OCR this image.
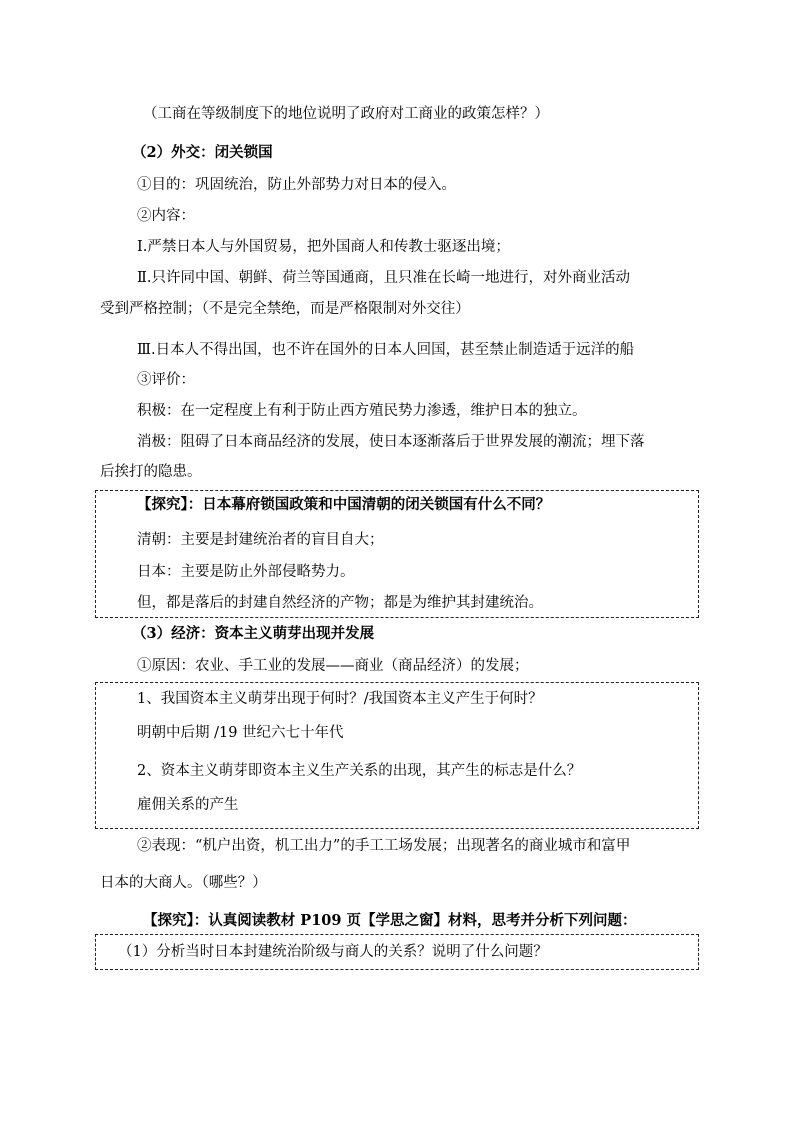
（工商在等级制度下的地位说明了政府对工商业的政策怎样？）
（2）外交：闭关锁国
①目的：巩固统治，防止外部势力对日本的侵入。
②内容：
Ⅰ.严禁日本人与外国贸易，把外国商人和传教士驱逐出境；
Ⅱ.只许同中国、朝鲜、荷兰等国通商，且只准在长崎一地进行，对外商业活动
受到严格控制；（不是完全禁绝，而是严格限制对外交往）
Ⅲ.日本人不得出国，也不许在国外的日本人回国，甚至禁止制造适于远洋的船
③评价：
积极：在一定程度上有利于防止西方殖民势力渗透，维护日本的独立。
消极：阻碍了日本商品经济的发展，使日本逐渐落后于世界发展的潮流；埋下落
后挨打的隐患。
【探究】：日本幕府锁国政策和中国清朝的闭关锁国有什么不同？
清朝：主要是封建统治者的盲目自大；
日本：主要是防止外部侵略势力。
但，都是落后的封建自然经济的产物；都是为维护其封建统治。
（3）经济：资本主义萌芽出现并发展
①原因：农业、手工业的发展——商业（商品经济）的发展；
1、我国资本主义萌芽出现于何时？/我国资本主义产生于何时？
明朝中后期 /19 世纪六七十年代
2、资本主义萌芽即资本主义生产关系的出现，其产生的标志是什么？
雇佣关系的产生
②表现：“机户出资，机工出力”的手工工场发展；出现著名的商业城市和富甲
日本的大商人。（哪些？）
【探究】：认真阅读教材 P109 页【学思之窗】材料，思考并分析下列问题：
（1）分析当时日本封建统治阶级与商人的关系？说明了什么问题？
